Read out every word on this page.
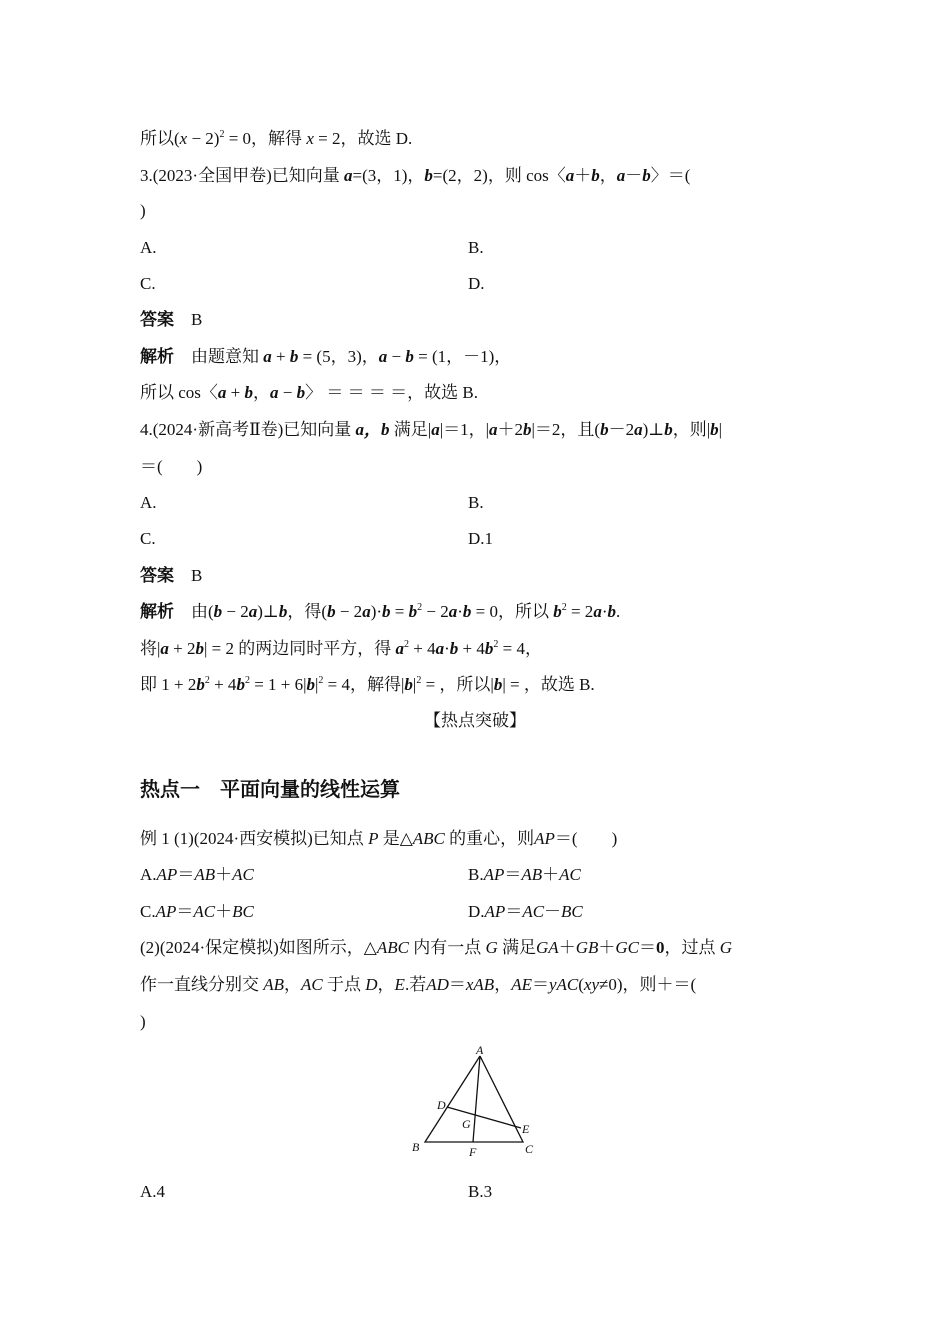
所以$(x - 2)^2 = 0$，解得 x = 2，故选 D.
3.(2023·全国甲卷)已知向量 a=(3，1)，b=(2，2)，则 cos〈a＋b，a－b〉＝(
)
A.	B.
C.	D.
答案　 B
解析　 由题意知 a + b = (5，3)，a − b = (1，－1)，
所以 cos〈a + b，a − b〉 ＝ ＝ ＝ ＝，故选 B.
4.(2024·新高考Ⅱ卷)已知向量 a，b 满足|a|＝1，|a＋2b|＝2，且(b－2a)⊥b，则|b|
＝(　　)
A.	B.
C.	D.1
答案　 B
解析　 由(b − 2a)⊥b，得$(b - 2a)\cdot b = b^2 - 2a\cdot b = 0$，所以 $b^2 = 2a\cdot b$.
将|a + 2b| = 2 的两边同时平方，得 $a^2 + 4a\cdot b + 4b^2 = 4$，
即 $1 + 2b^2 + 4b^2 = 1 + 6|b|^2 = 4$，解得$|b|^2$ = ，所以|b| = ，故选 B.
【热点突破】
热点一　平面向量的线性运算
例 1 (1)(2024·西安模拟)已知点 P 是△ABC 的重心，则AP＝(　　)
A.AP＝AB＋AC	B.AP＝AB＋AC
C.AP＝AC＋BC	D.AP＝AC－BC
(2)(2024·保定模拟)如图所示，△ABC 内有一点 G 满足GA＋GB＋GC＝0，过点 G
作一直线分别交 AB，AC 于点 D，E.若AD＝xAB，AE＝yAC(xy≠0)，则＋＝(
)
A
B	C
D
E
F
G
A.4	B.3
